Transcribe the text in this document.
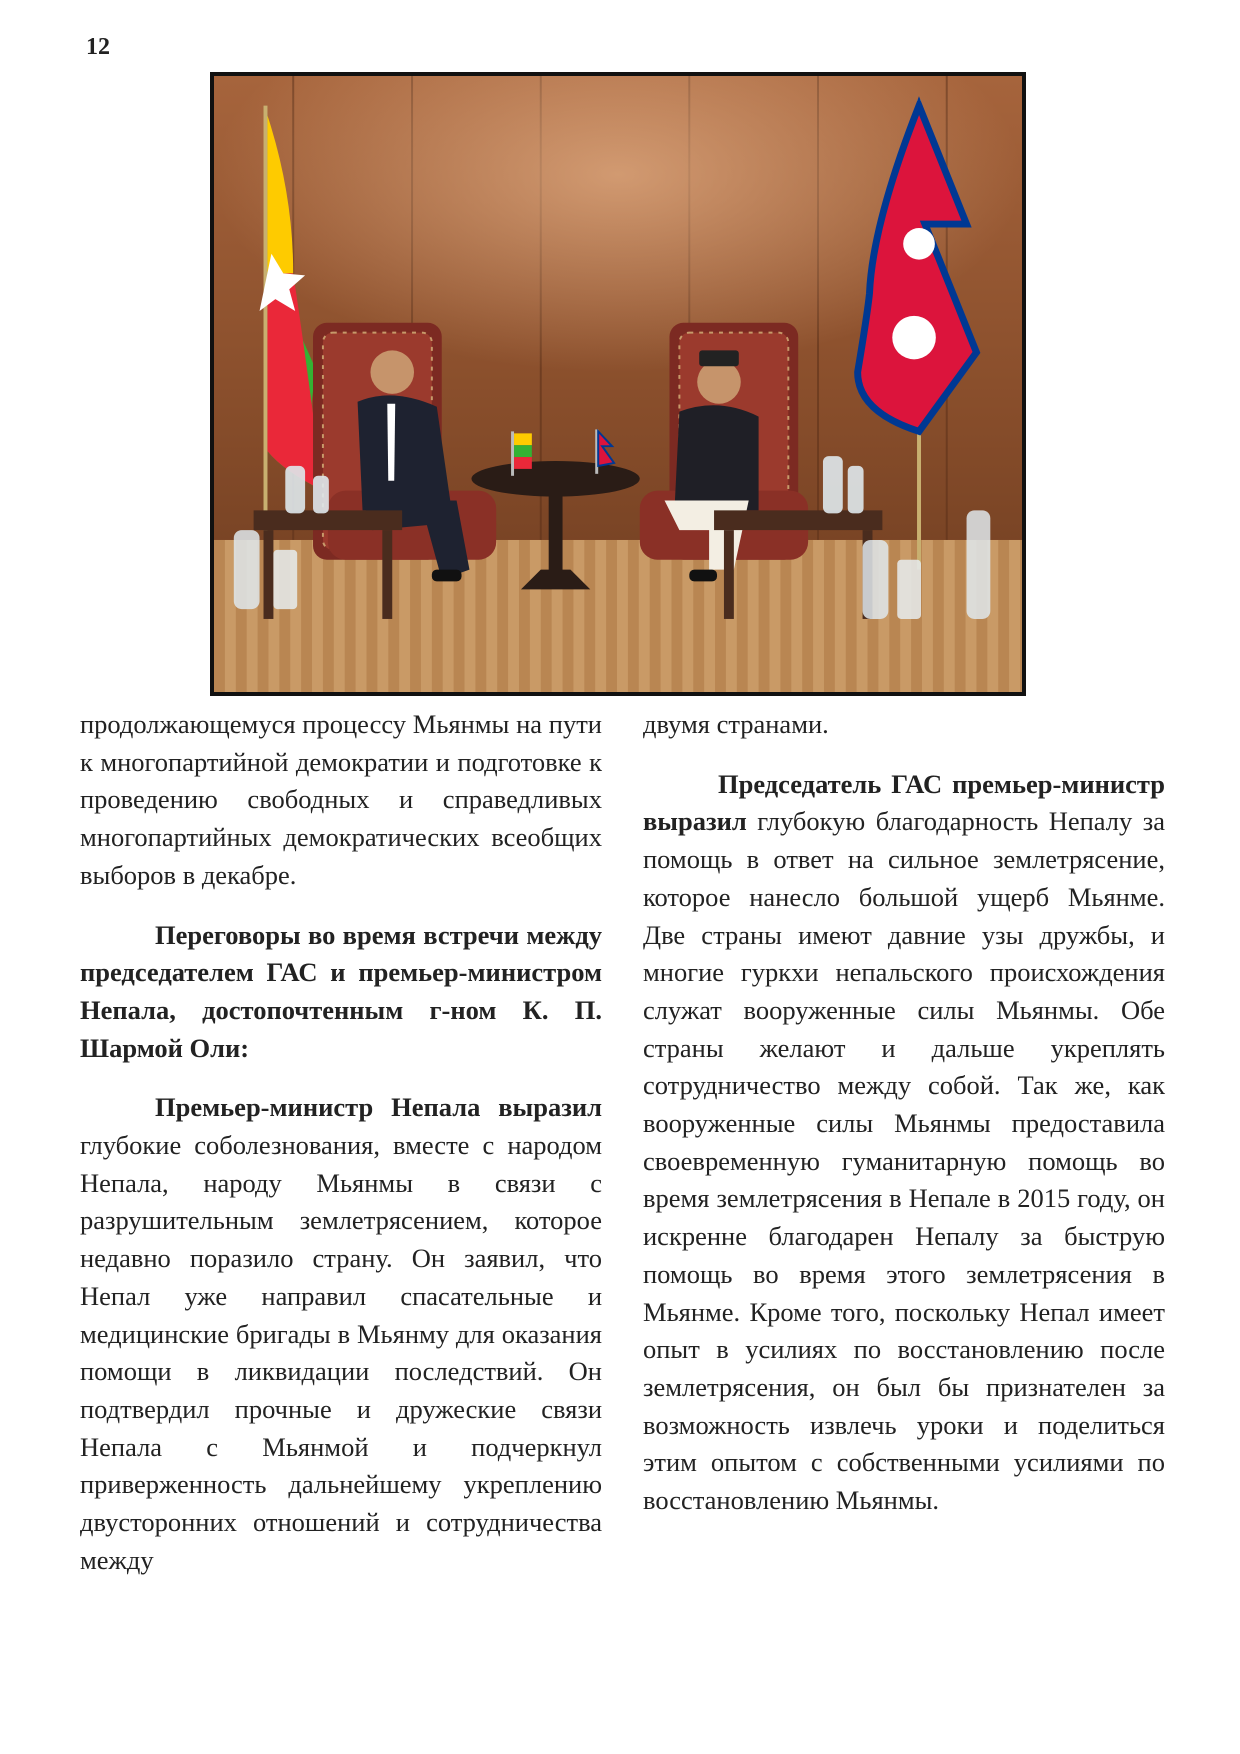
12

продолжающемуся процессу Мьянмы на пути к многопартийной демократии и подготовке к проведению свободных и справедливых многопартийных демократических всеобщих выборов в декабре.

Переговоры во время встречи между председателем ГАС и премьер-министром Непала, достопочтенным г-ном К. П. Шармой Оли:

Премьер-министр Непала выразил глубокие соболезнования, вместе с народом Непала, народу Мьянмы в связи с разрушительным землетрясением, которое недавно поразило страну. Он заявил, что Непал уже направил спасательные и медицинские бригады в Мьянму для оказания помощи в ликвидации последствий. Он подтвердил прочные и дружеские связи Непала с Мьянмой и подчеркнул приверженность дальнейшему укреплению двусторонних отношений и сотрудничества между

двумя странами.

Председатель ГАС премьер-министр выразил глубокую благодарность Непалу за помощь в ответ на сильное землетрясение, которое нанесло большой ущерб Мьянме. Две страны имеют давние узы дружбы, и многие гуркхи непальского происхождения служат вооруженные силы Мьянмы. Обе страны желают и дальше укреплять сотрудничество между собой. Так же, как вооруженные силы Мьянмы предоставила своевременную гуманитарную помощь во время землетрясения в Непале в 2015 году, он искренне благодарен Непалу за быструю помощь во время этого землетрясения в Мьянме. Кроме того, поскольку Непал имеет опыт в усилиях по восстановлению после землетрясения, он был бы признателен за возможность извлечь уроки и поделиться этим опытом с собственными усилиями по восстановлению Мьянмы.
